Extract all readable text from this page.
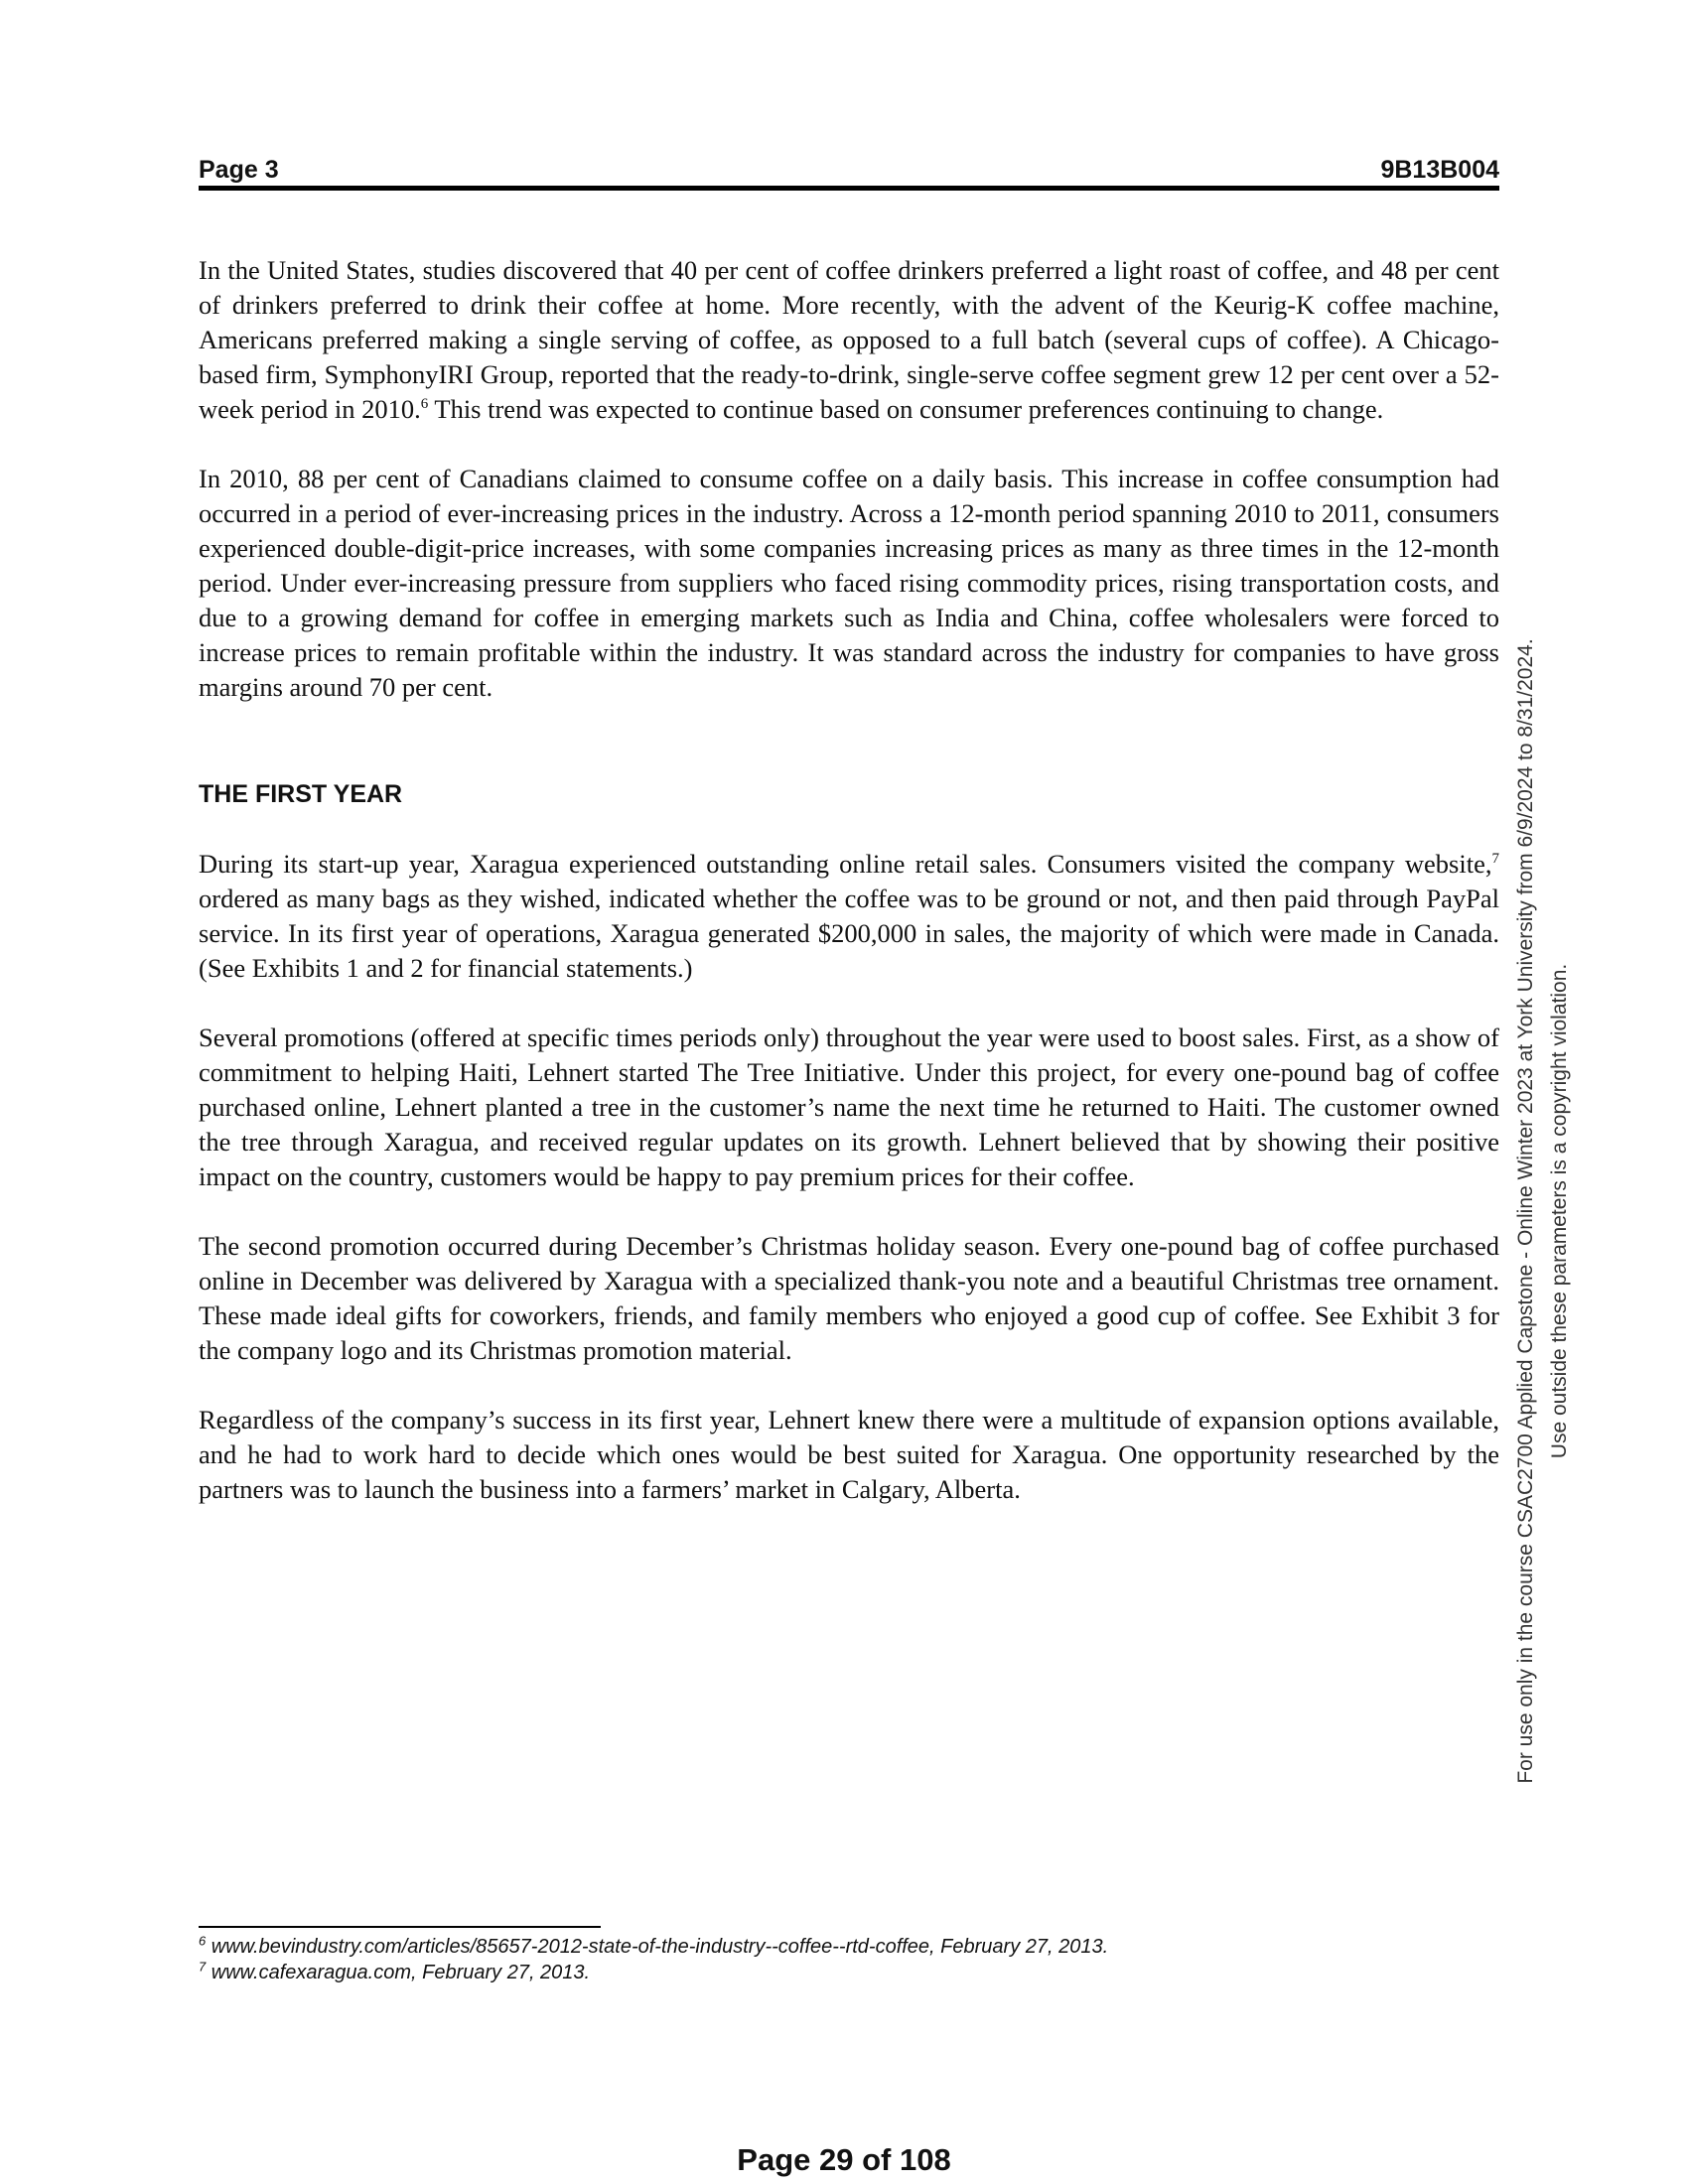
Page 3	9B13B004

In the United States, studies discovered that 40 per cent of coffee drinkers preferred a light roast of coffee, and 48 per cent of drinkers preferred to drink their coffee at home. More recently, with the advent of the Keurig-K coffee machine, Americans preferred making a single serving of coffee, as opposed to a full batch (several cups of coffee). A Chicago-based firm, SymphonyIRI Group, reported that the ready-to-drink, single-serve coffee segment grew 12 per cent over a 52-week period in 2010.$^6$ This trend was expected to continue based on consumer preferences continuing to change.

In 2010, 88 per cent of Canadians claimed to consume coffee on a daily basis. This increase in coffee consumption had occurred in a period of ever-increasing prices in the industry. Across a 12-month period spanning 2010 to 2011, consumers experienced double-digit-price increases, with some companies increasing prices as many as three times in the 12-month period. Under ever-increasing pressure from suppliers who faced rising commodity prices, rising transportation costs, and due to a growing demand for coffee in emerging markets such as India and China, coffee wholesalers were forced to increase prices to remain profitable within the industry. It was standard across the industry for companies to have gross margins around 70 per cent.

THE FIRST YEAR

During its start-up year, Xaragua experienced outstanding online retail sales. Consumers visited the company website,$^7$ ordered as many bags as they wished, indicated whether the coffee was to be ground or not, and then paid through PayPal service. In its first year of operations, Xaragua generated $200,000 in sales, the majority of which were made in Canada. (See Exhibits 1 and 2 for financial statements.)

Several promotions (offered at specific times periods only) throughout the year were used to boost sales. First, as a show of commitment to helping Haiti, Lehnert started The Tree Initiative. Under this project, for every one-pound bag of coffee purchased online, Lehnert planted a tree in the customer’s name the next time he returned to Haiti. The customer owned the tree through Xaragua, and received regular updates on its growth. Lehnert believed that by showing their positive impact on the country, customers would be happy to pay premium prices for their coffee.

The second promotion occurred during December’s Christmas holiday season. Every one-pound bag of coffee purchased online in December was delivered by Xaragua with a specialized thank-you note and a beautiful Christmas tree ornament. These made ideal gifts for coworkers, friends, and family members who enjoyed a good cup of coffee. See Exhibit 3 for the company logo and its Christmas promotion material.

Regardless of the company’s success in its first year, Lehnert knew there were a multitude of expansion options available, and he had to work hard to decide which ones would be best suited for Xaragua. One opportunity researched by the partners was to launch the business into a farmers’ market in Calgary, Alberta.

$^6$ www.bevindustry.com/articles/85657-2012-state-of-the-industry--coffee--rtd-coffee, February 27, 2013.
$^7$ www.cafexaragua.com, February 27, 2013.
Page 29 of 108
For use only in the course CSAC2700 Applied Capstone - Online Winter 2023 at York University from 6/9/2024 to 8/31/2024. Use outside these parameters is a copyright violation.
